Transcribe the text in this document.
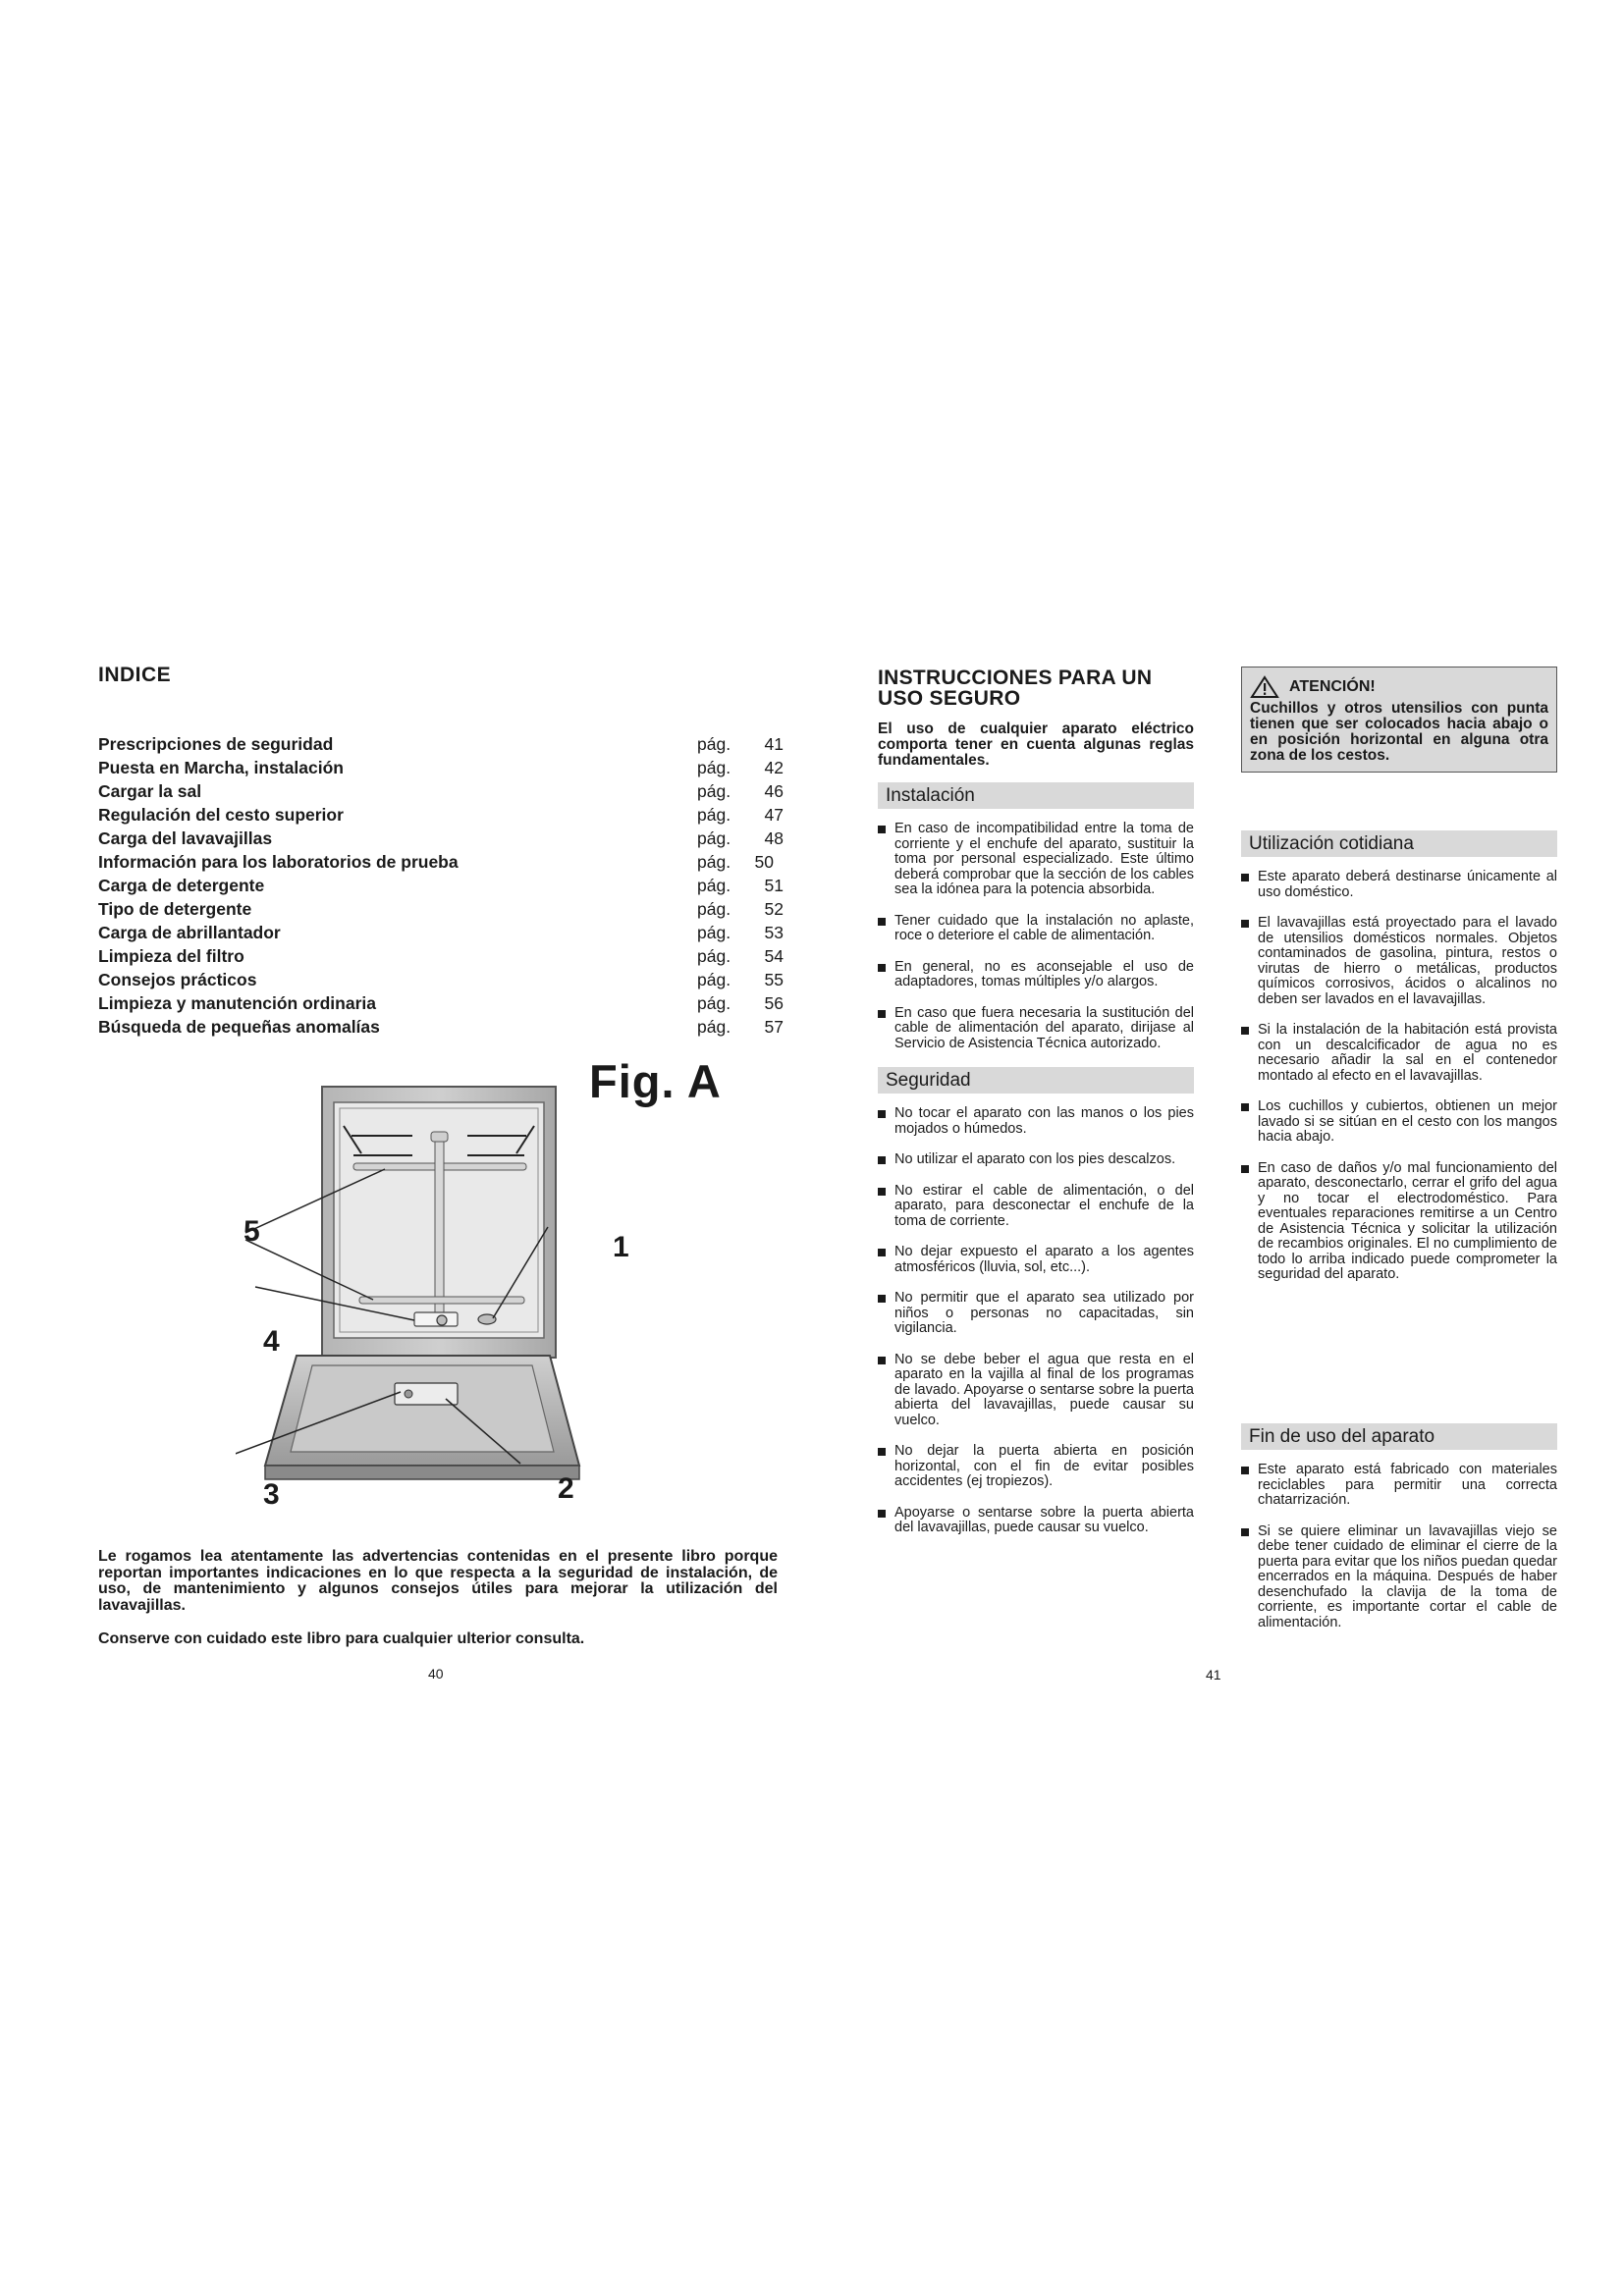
INDICE
Prescripciones de seguridad	pág.	41
Puesta en Marcha, instalación	pág.	42
Cargar la sal	pág.	46
Regulación del cesto superior	pág.	47
Carga del lavavajillas	pág.	48
Información para los laboratorios de prueba	pág.	50
Carga de detergente	pág.	51
Tipo de detergente	pág.	52
Carga de abrillantador	pág.	53
Limpieza del filtro	pág.	54
Consejos prácticos	pág.	55
Limpieza y manutención ordinaria	pág.	56
Búsqueda de pequeñas anomalías	pág.	57
Fig. A
5	1
4
3	2
Le rogamos lea atentamente las advertencias contenidas en el presente libro porque reportan importantes indicaciones en lo que respecta a la seguridad de instalación, de uso, de mantenimiento y algunos consejos útiles para mejorar la utilización del lavavajillas.
Conserve con cuidado este libro para cualquier ulterior consulta.
40
INSTRUCCIONES PARA UN
USO SEGURO
El uso de cualquier aparato eléctrico comporta tener en cuenta algunas reglas fundamentales.
Instalación
En caso de incompatibilidad entre la toma de corriente y el enchufe del aparato, sustituir la toma por personal especializado. Este último deberá comprobar que la sección de los cables sea la idónea para la potencia absorbida.
Tener cuidado que la instalación no aplaste, roce o deteriore el cable de alimentación.
En general, no es aconsejable el uso de adaptadores, tomas múltiples y/o alargos.
En caso que fuera necesaria la sustitución del cable de alimentación del aparato, dirijase al Servicio de Asistencia Técnica autorizado.
Seguridad
No tocar el aparato con las manos o los pies mojados o húmedos.
No utilizar el aparato con los pies descalzos.
No estirar el cable de alimentación, o del aparato, para desconectar el enchufe de la toma de corriente.
No dejar expuesto el aparato a los agentes atmosféricos (lluvia, sol, etc...).
No permitir que el aparato sea utilizado por niños o personas no capacitadas, sin vigilancia.
No se debe beber el agua que resta en el aparato en la vajilla al final de los programas de lavado. Apoyarse o sentarse sobre la puerta abierta del lavavajillas, puede causar su vuelco.
No dejar la puerta abierta en posición horizontal, con el fin de evitar posibles accidentes (ej tropiezos).
Apoyarse o sentarse sobre la puerta abierta del lavavajillas, puede causar su vuelco.
ATENCIÓN!
Cuchillos y otros utensilios con punta tienen que ser colocados hacia abajo o en posición horizontal en alguna otra zona de los cestos.
Utilización cotidiana
Este aparato deberá destinarse únicamente al uso doméstico.
El lavavajillas está proyectado para el lavado de utensilios domésticos normales. Objetos contaminados de gasolina, pintura, restos o virutas de hierro o metálicas, productos químicos corrosivos, ácidos o alcalinos no deben ser lavados en el lavavajillas.
Si la instalación de la habitación está provista con un descalcificador de agua no es necesario añadir la sal en el contenedor montado al efecto en el lavavajillas.
Los cuchillos y cubiertos, obtienen un mejor lavado si se sitúan en el cesto con los mangos hacia abajo.
En caso de daños y/o mal funcionamiento del aparato, desconectarlo, cerrar el grifo del agua y no tocar el electrodoméstico. Para eventuales reparaciones remitirse a un Centro de Asistencia Técnica y solicitar la utilización de recambios originales. El no cumplimiento de todo lo arriba indicado puede comprometer la seguridad del aparato.
Fin de uso del aparato
Este aparato está fabricado con materiales reciclables para permitir una correcta chatarrización.
Si se quiere eliminar un lavavajillas viejo se debe tener cuidado de eliminar el cierre de la puerta para evitar que los niños puedan quedar encerrados en la máquina. Después de haber desenchufado la clavija de la toma de corriente, es importante cortar el cable de alimentación.
41
